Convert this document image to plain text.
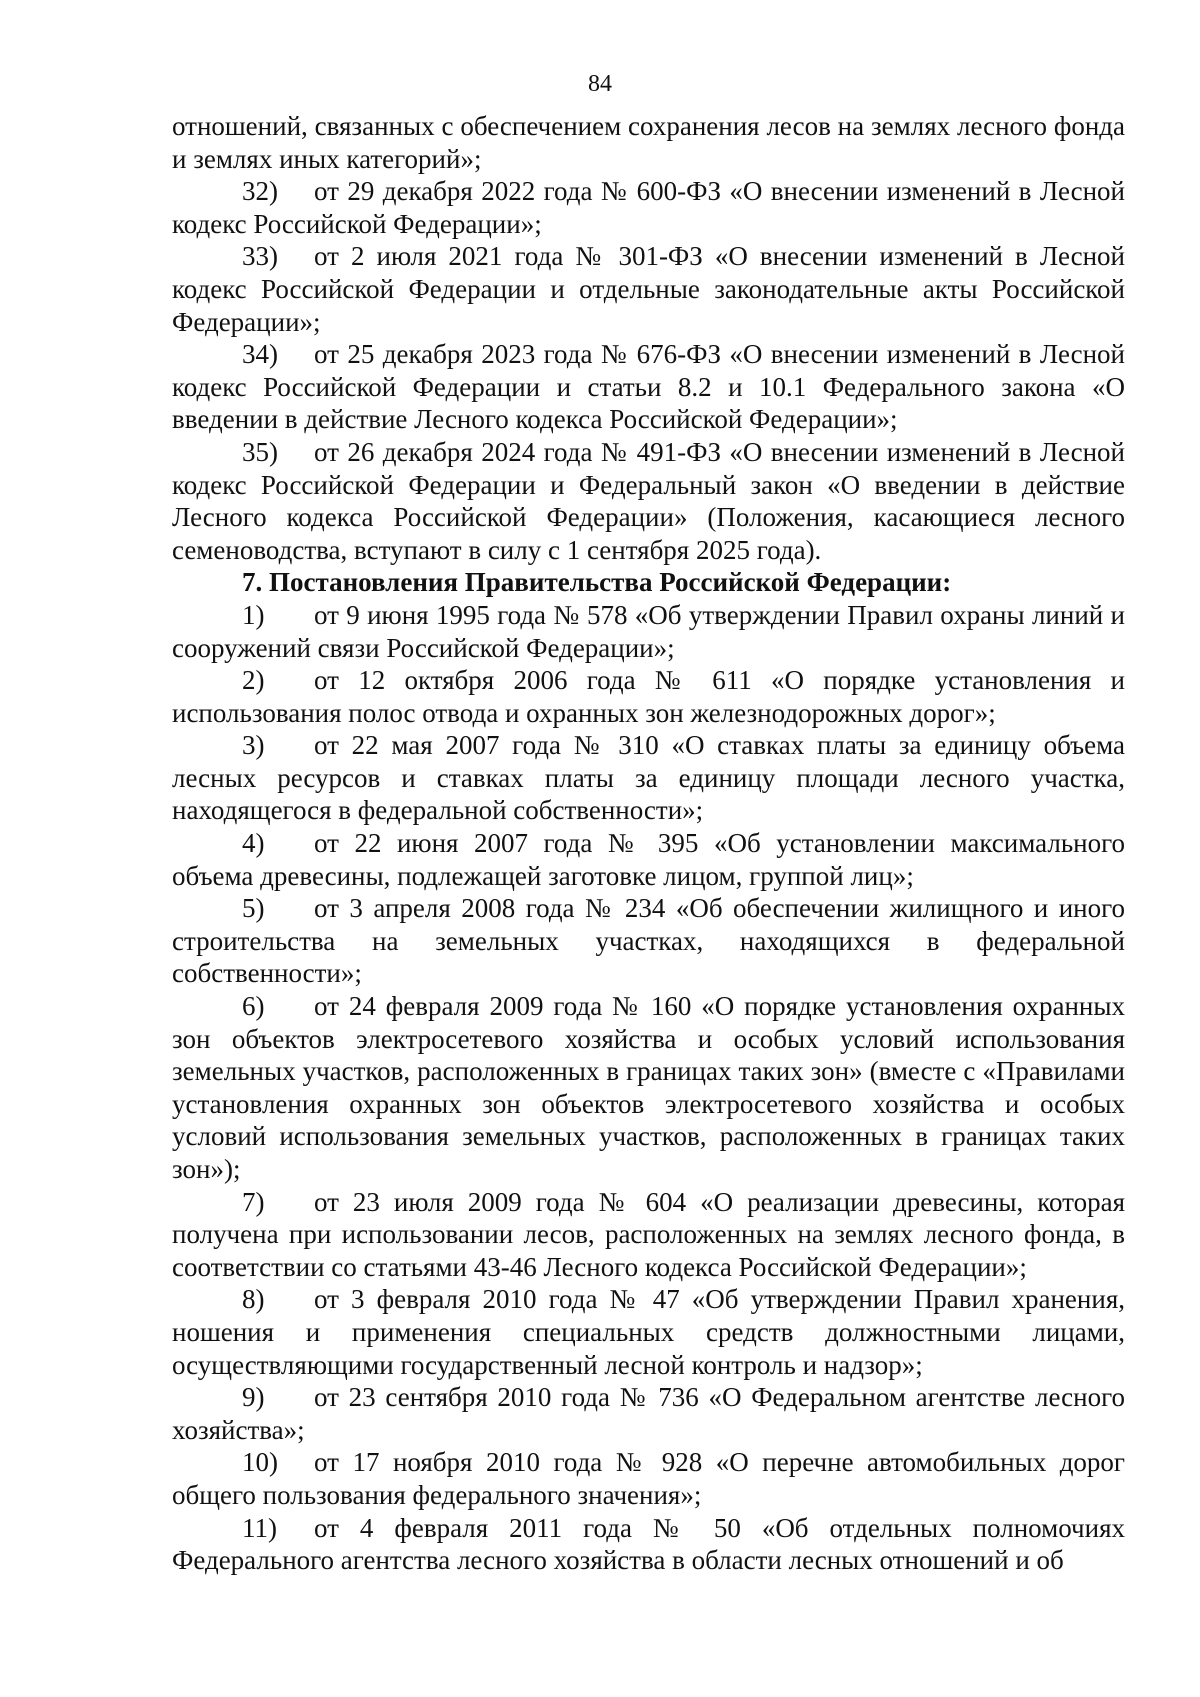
84

отношений, связанных с обеспечением сохранения лесов на землях лесного фонда и землях иных категорий»;

32) от 29 декабря 2022 года № 600-ФЗ «О внесении изменений в Лесной кодекс Российской Федерации»;

33) от 2 июля 2021 года № 301-ФЗ «О внесении изменений в Лесной кодекс Российской Федерации и отдельные законодательные акты Российской Федерации»;

34) от 25 декабря 2023 года № 676-ФЗ «О внесении изменений в Лесной кодекс Российской Федерации и статьи 8.2 и 10.1 Федерального закона «О введении в действие Лесного кодекса Российской Федерации»;

35) от 26 декабря 2024 года № 491-ФЗ «О внесении изменений в Лесной кодекс Российской Федерации и Федеральный закон «О введении в действие Лесного кодекса Российской Федерации» (Положения, касающиеся лесного семеноводства, вступают в силу с 1 сентября 2025 года).

7. Постановления Правительства Российской Федерации:

1) от 9 июня 1995 года № 578 «Об утверждении Правил охраны линий и сооружений связи Российской Федерации»;

2) от 12 октября 2006 года № 611 «О порядке установления и использования полос отвода и охранных зон железнодорожных дорог»;

3) от 22 мая 2007 года № 310 «О ставках платы за единицу объема лесных ресурсов и ставках платы за единицу площади лесного участка, находящегося в федеральной собственности»;

4) от 22 июня 2007 года № 395 «Об установлении максимального объема древесины, подлежащей заготовке лицом, группой лиц»;

5) от 3 апреля 2008 года № 234 «Об обеспечении жилищного и иного строительства на земельных участках, находящихся в федеральной собственности»;

6) от 24 февраля 2009 года № 160 «О порядке установления охранных зон объектов электросетевого хозяйства и особых условий использования земельных участков, расположенных в границах таких зон» (вместе с «Правилами установления охранных зон объектов электросетевого хозяйства и особых условий использования земельных участков, расположенных в границах таких зон»);

7) от 23 июля 2009 года № 604 «О реализации древесины, которая получена при использовании лесов, расположенных на землях лесного фонда, в соответствии со статьями 43-46 Лесного кодекса Российской Федерации»;

8) от 3 февраля 2010 года № 47 «Об утверждении Правил хранения, ношения и применения специальных средств должностными лицами, осуществляющими государственный лесной контроль и надзор»;

9) от 23 сентября 2010 года № 736 «О Федеральном агентстве лесного хозяйства»;

10) от 17 ноября 2010 года № 928 «О перечне автомобильных дорог общего пользования федерального значения»;

11) от 4 февраля 2011 года № 50 «Об отдельных полномочиях Федерального агентства лесного хозяйства в области лесных отношений и об
